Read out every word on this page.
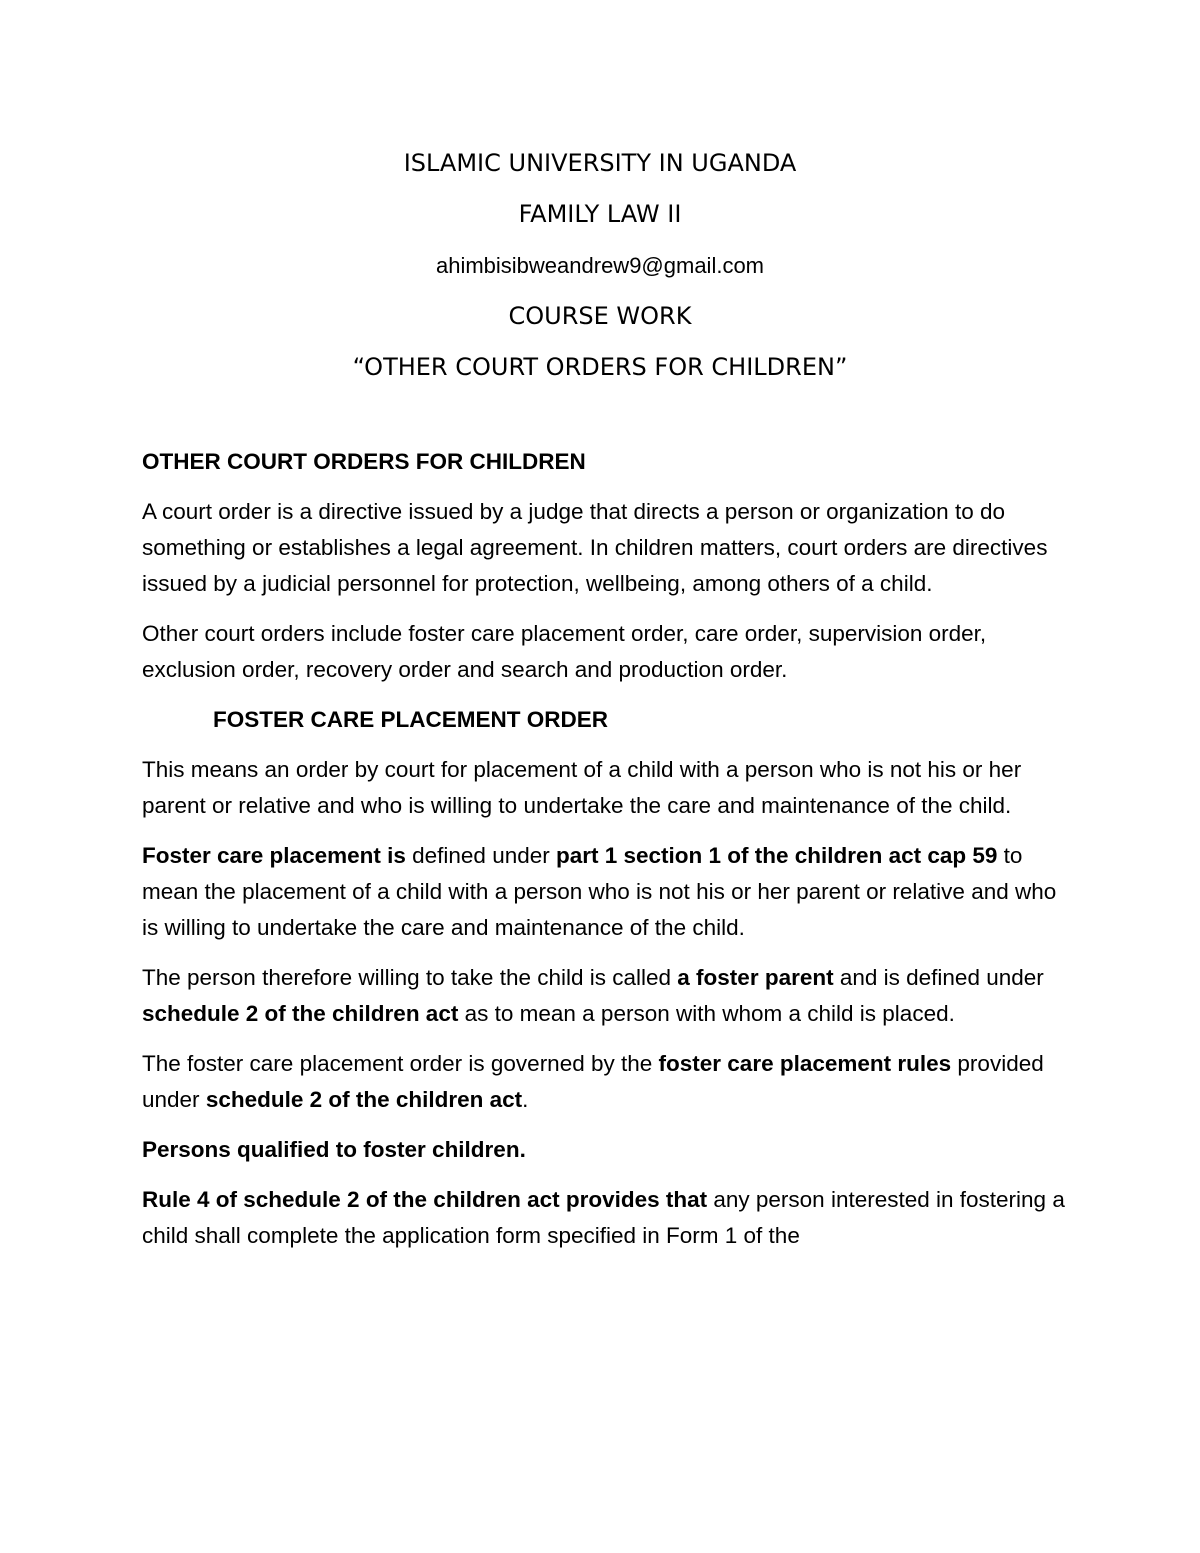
ISLAMIC UNIVERSITY IN UGANDA
FAMILY LAW II
ahimbisibweandrew9@gmail.com
COURSE WORK
“OTHER COURT ORDERS FOR CHILDREN”

OTHER COURT ORDERS FOR CHILDREN

A court order is a directive issued by a judge that directs a person or organization to do something or establishes a legal agreement. In children matters, court orders are directives issued by a judicial personnel for protection, wellbeing, among others of a child.

Other court orders include foster care placement order, care order, supervision order, exclusion order, recovery order and search and production order.

FOSTER CARE PLACEMENT ORDER

This means an order by court for placement of a child with a person who is not his or her parent or relative and who is willing to undertake the care and maintenance of the child.

Foster care placement is defined under part 1 section 1 of the children act cap 59 to mean the placement of a child with a person who is not his or her parent or relative and who is willing to undertake the care and maintenance of the child.

The person therefore willing to take the child is called a foster parent and is defined under schedule 2 of the children act as to mean a person with whom a child is placed.

The foster care placement order is governed by the foster care placement rules provided under schedule 2 of the children act.

Persons qualified to foster children.

Rule 4 of schedule 2 of the children act provides that any person interested in fostering a child shall complete the application form specified in Form 1 of the
